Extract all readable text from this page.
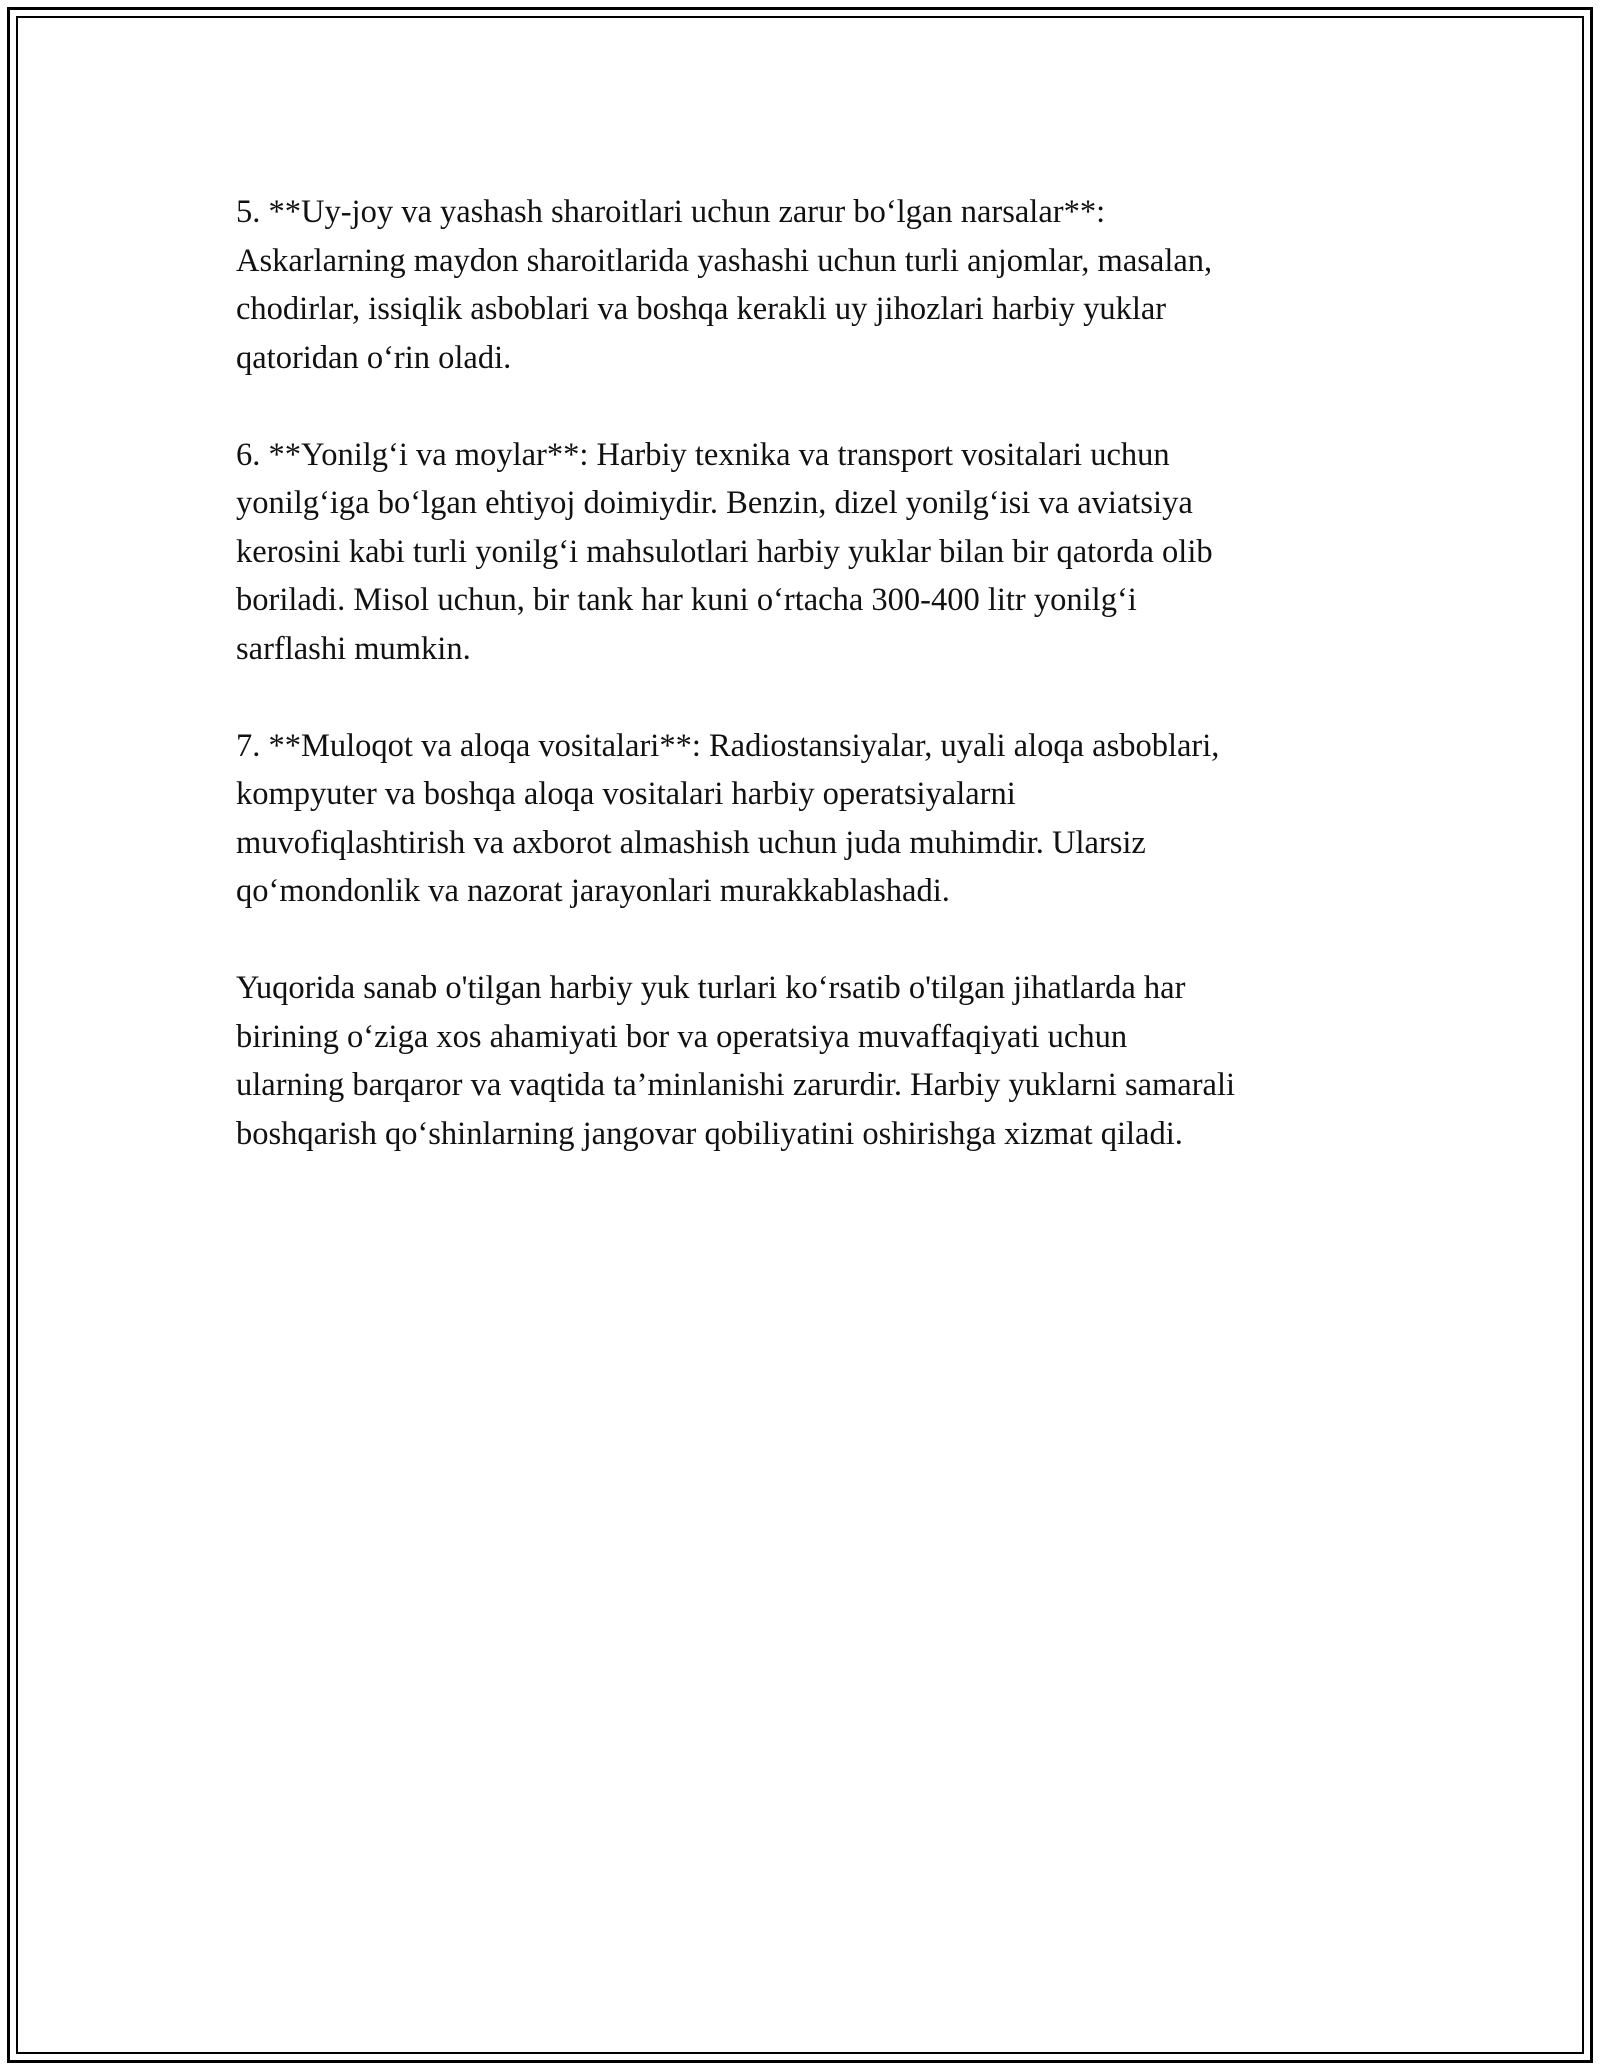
5. **Uy-joy va yashash sharoitlari uchun zarur bo‘lgan narsalar**:
Askarlarning maydon sharoitlarida yashashi uchun turli anjomlar, masalan,
chodirlar, issiqlik asboblari va boshqa kerakli uy jihozlari harbiy yuklar
qatoridan o‘rin oladi.

6. **Yonilg‘i va moylar**: Harbiy texnika va transport vositalari uchun
yonilg‘iga bo‘lgan ehtiyoj doimiydir. Benzin, dizel yonilg‘isi va aviatsiya
kerosini kabi turli yonilg‘i mahsulotlari harbiy yuklar bilan bir qatorda olib
boriladi. Misol uchun, bir tank har kuni o‘rtacha 300-400 litr yonilg‘i
sarflashi mumkin.

7. **Muloqot va aloqa vositalari**: Radiostansiyalar, uyali aloqa asboblari,
kompyuter va boshqa aloqa vositalari harbiy operatsiyalarni
muvofiqlashtirish va axborot almashish uchun juda muhimdir. Ularsiz
qo‘mondonlik va nazorat jarayonlari murakkablashadi.

Yuqorida sanab o'tilgan harbiy yuk turlari ko‘rsatib o'tilgan jihatlarda har
birining o‘ziga xos ahamiyati bor va operatsiya muvaffaqiyati uchun
ularning barqaror va vaqtida ta’minlanishi zarurdir. Harbiy yuklarni samarali
boshqarish qo‘shinlarning jangovar qobiliyatini oshirishga xizmat qiladi.
